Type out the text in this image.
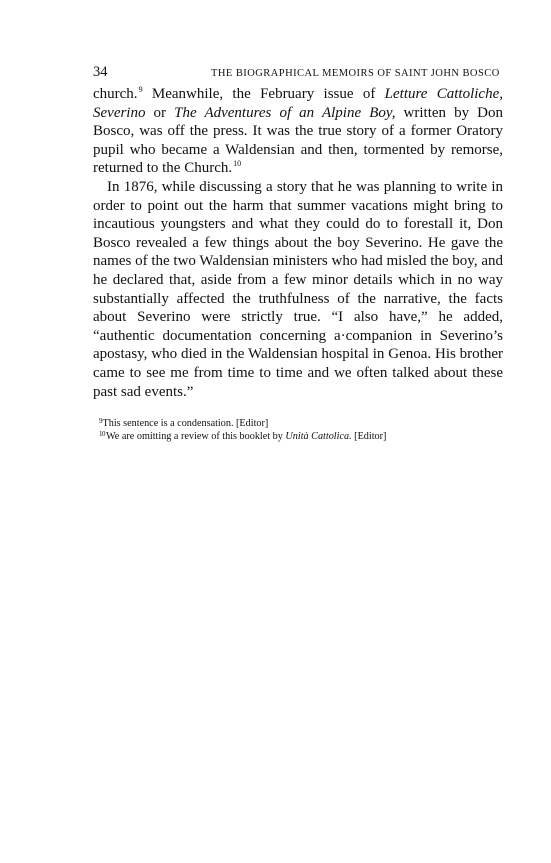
34	THE BIOGRAPHICAL MEMOIRS OF SAINT JOHN BOSCO

church.$^9$ Meanwhile, the February issue of Letture Cattoliche, Severino or The Adventures of an Alpine Boy, written by Don Bosco, was off the press. It was the true story of a former Oratory pupil who became a Waldensian and then, tormented by remorse, returned to the Church.$^{10}$

In 1876, while discussing a story that he was planning to write in order to point out the harm that summer vacations might bring to incautious youngsters and what they could do to forestall it, Don Bosco revealed a few things about the boy Severino. He gave the names of the two Waldensian ministers who had misled the boy, and he declared that, aside from a few minor details which in no way substantially affected the truthfulness of the narrative, the facts about Severino were strictly true. “I also have,” he added, “authentic documentation concerning a·companion in Severino’s apostasy, who died in the Waldensian hospital in Genoa. His brother came to see me from time to time and we often talked about these past sad events.”

$^9$This sentence is a condensation. [Editor]
$^{10}$We are omitting a review of this booklet by Unità Cattolica. [Editor]
